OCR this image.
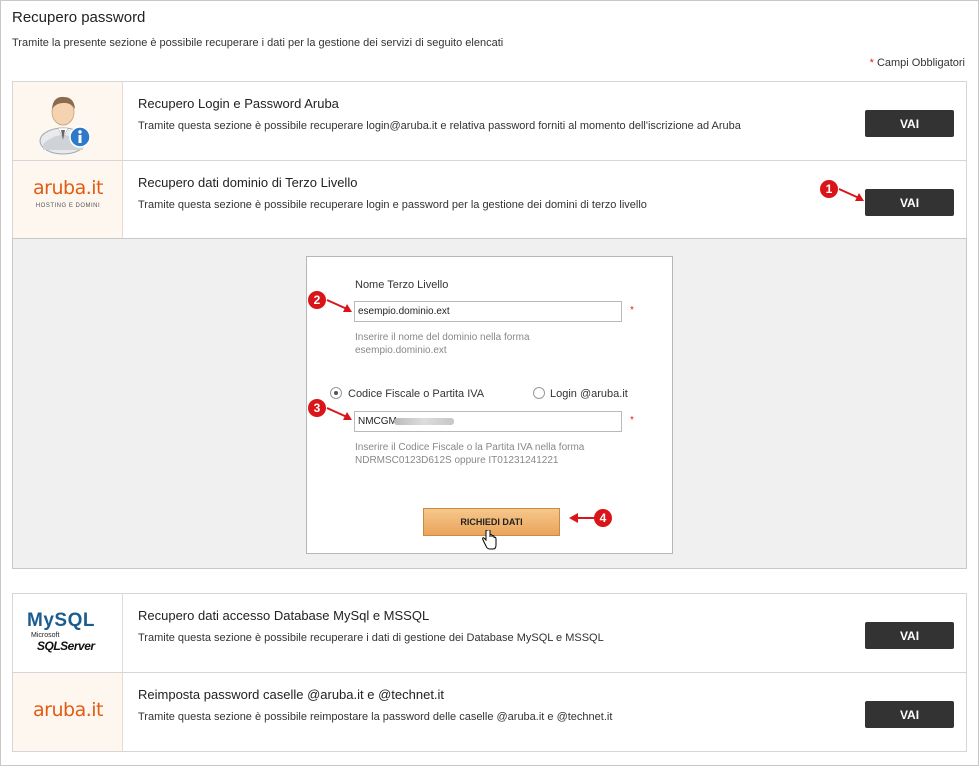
Recupero password
Tramite la presente sezione è possibile recuperare i dati per la gestione dei servizi di seguito elencati
* Campi Obbligatori
Recupero Login e Password Aruba
Tramite questa sezione è possibile recuperare login@aruba.it e relativa password forniti al momento dell'iscrizione ad Aruba	VAI
aruba.it
HOSTING E DOMINI
Recupero dati dominio di Terzo Livello
Tramite questa sezione è possibile recuperare login e password per la gestione dei domini di terzo livello	VAI
Nome Terzo Livello
esempio.dominio.ext
*
Inserire il nome del dominio nella forma
esempio.dominio.ext
Codice Fiscale o Partita IVA	Login @aruba.it
NMCGM
*
Inserire il Codice Fiscale o la Partita IVA nella forma
NDRMSC0123D612S oppure IT01231241221
RICHIEDI DATI
MySQL
Microsoft
SQLServer
Recupero dati accesso Database MySql e MSSQL
Tramite questa sezione è possibile recuperare i dati di gestione dei Database MySQL e MSSQL	VAI
aruba.it
Reimposta password caselle @aruba.it e @technet.it
Tramite questa sezione è possibile reimpostare la password delle caselle @aruba.it e @technet.it	VAI
1
2
3
4
